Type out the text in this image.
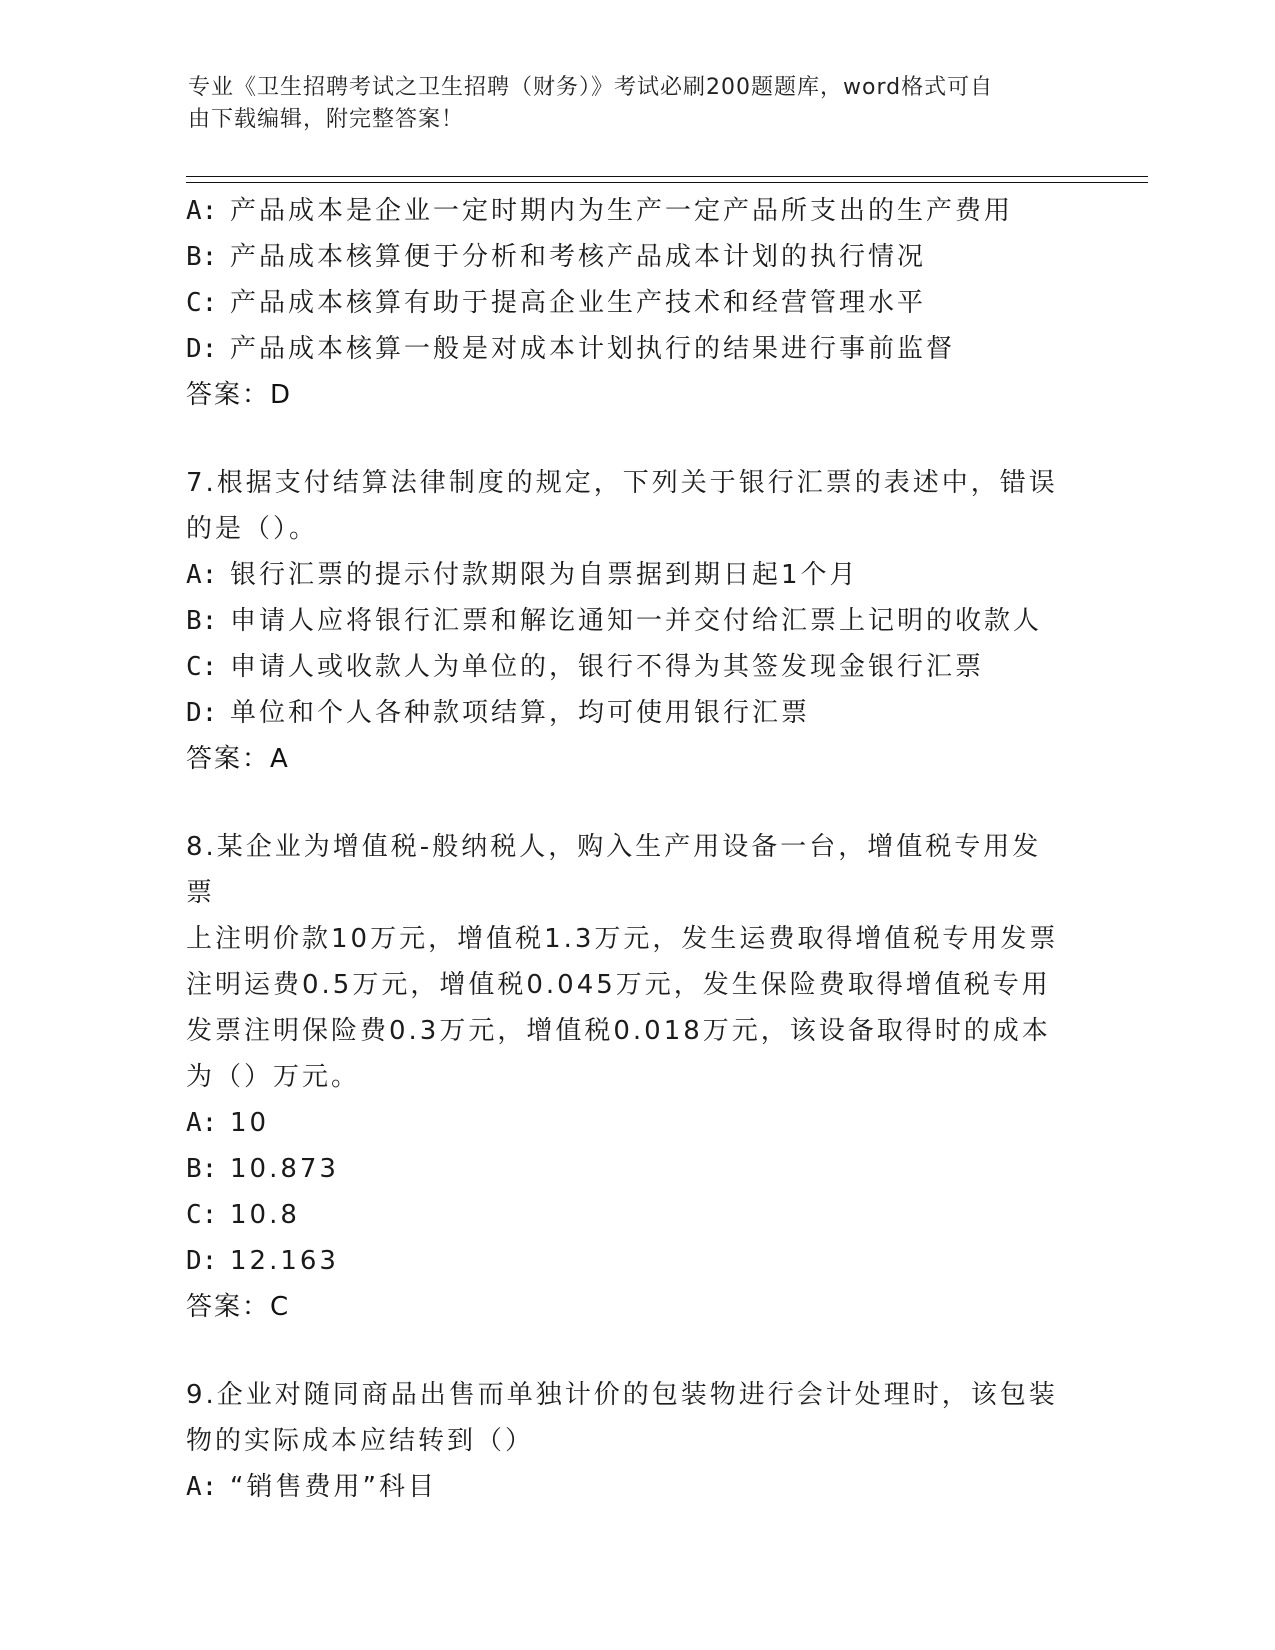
专业《卫生招聘考试之卫生招聘（财务）》考试必刷200题题库，word格式可自
由下载编辑，附完整答案！
A: 产品成本是企业一定时期内为生产一定产品所支出的生产费用
B: 产品成本核算便于分析和考核产品成本计划的执行情况
C: 产品成本核算有助于提高企业生产技术和经营管理水平
D: 产品成本核算一般是对成本计划执行的结果进行事前监督
答案：D
7.根据支付结算法律制度的规定，下列关于银行汇票的表述中，错误
的是（）。
A: 银行汇票的提示付款期限为自票据到期日起1个月
B: 申请人应将银行汇票和解讫通知一并交付给汇票上记明的收款人
C: 申请人或收款人为单位的，银行不得为其签发现金银行汇票
D: 单位和个人各种款项结算，均可使用银行汇票
答案：A
8.某企业为增值税-般纳税人，购入生产用设备一台，增值税专用发票
上注明价款10万元，增值税1.3万元，发生运费取得增值税专用发票
注明运费0.5万元，增值税0.045万元，发生保险费取得增值税专用
发票注明保险费0.3万元，增值税0.018万元，该设备取得时的成本
为（）万元。
A: 10
B: 10.873
C: 10.8
D: 12.163
答案：C
9.企业对随同商品出售而单独计价的包装物进行会计处理时，该包装
物的实际成本应结转到（）
A: “销售费用”科目
